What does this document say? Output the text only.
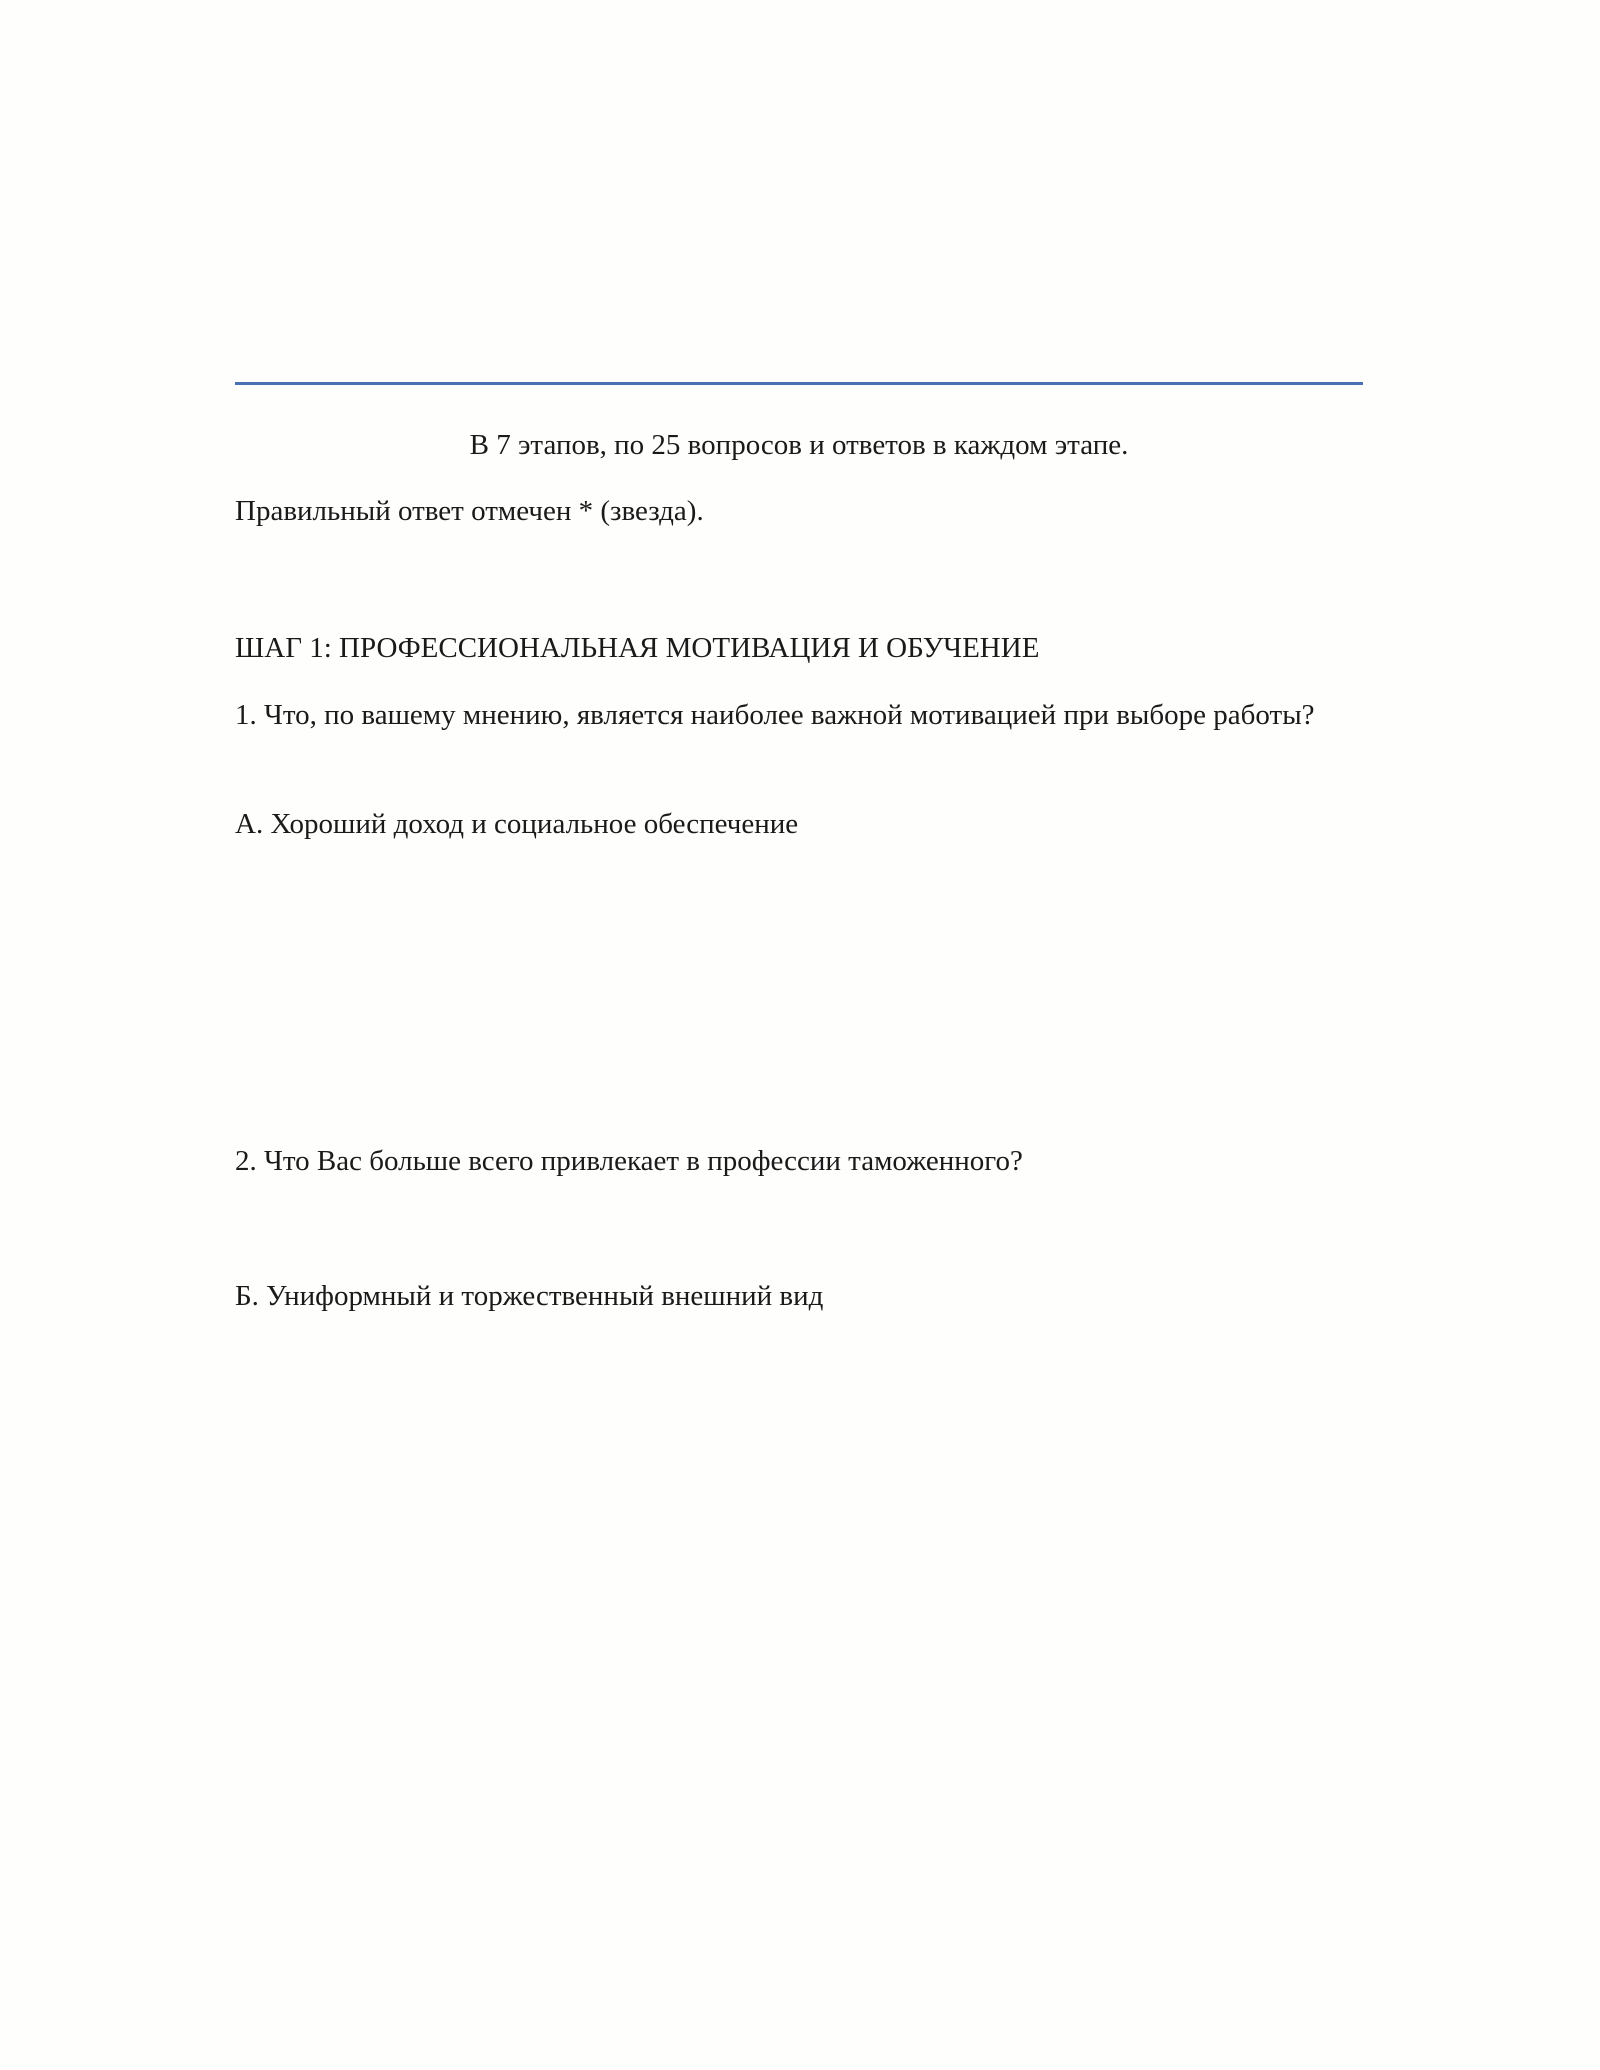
В 7 этапов, по 25 вопросов и ответов в каждом этапе.
Правильный ответ отмечен * (звезда).
ШАГ 1: ПРОФЕССИОНАЛЬНАЯ МОТИВАЦИЯ И ОБУЧЕНИЕ
1. Что, по вашему мнению, является наиболее важной мотивацией при выборе работы?
А. Хороший доход и социальное обеспечение
2. Что Вас больше всего привлекает в профессии таможенного?
Б. Униформный и торжественный внешний вид
